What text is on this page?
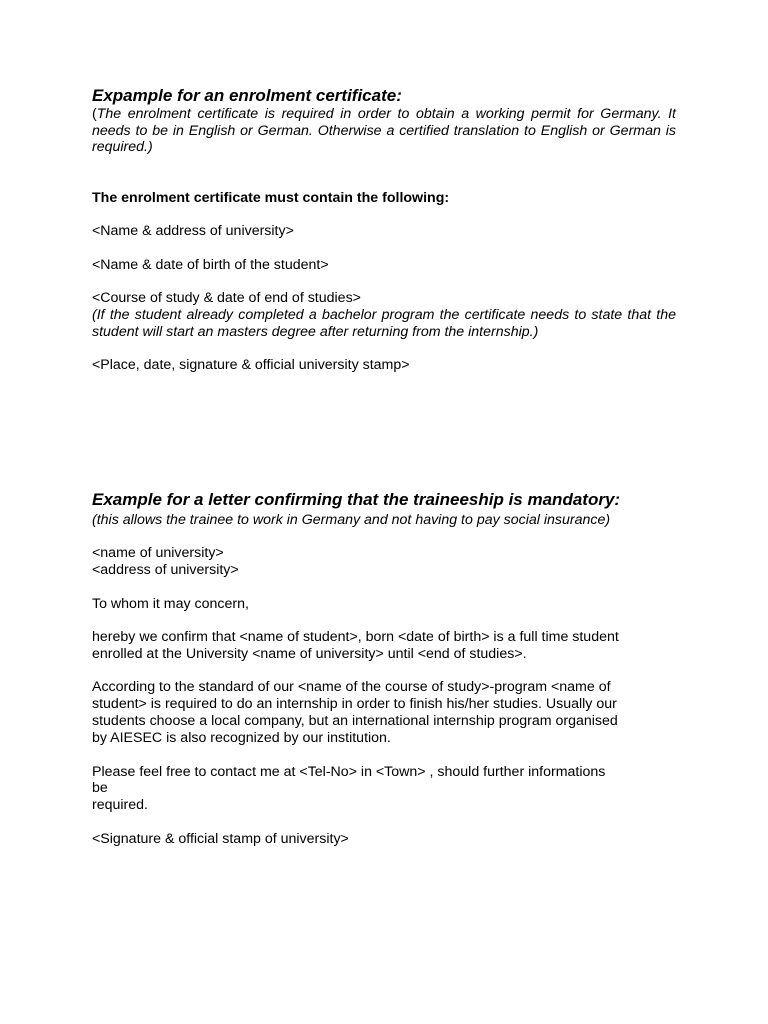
Expample for an enrolment certificate:
(The enrolment certificate is required in order to obtain a working permit for Germany. It needs to be in English or German. Otherwise a certified translation to English or German is required.)
The enrolment certificate must contain the following:
<Name & address of university>
<Name & date of birth of the student>
<Course of study & date of end of studies>
(If the student already completed a bachelor program the certificate needs to state that the student will start an masters degree after returning from the internship.)
<Place, date, signature & official university stamp>
Example for a letter confirming that the traineeship is mandatory:
(this allows the trainee to work in Germany and not having to pay social insurance)
<name of university>
<address of university>
To whom it may concern,
hereby we confirm that <name of student>, born <date of birth> is a full time student
enrolled at the University <name of university> until <end of studies>.
According to the standard of our <name of the course of study>-program <name of
student> is required to do an internship in order to finish his/her studies. Usually our
students choose a local company, but an international internship program organised
by AIESEC is also recognized by our institution.
Please feel free to contact me at <Tel-No> in <Town> , should further informations
be
required.
<Signature & official stamp of university>
